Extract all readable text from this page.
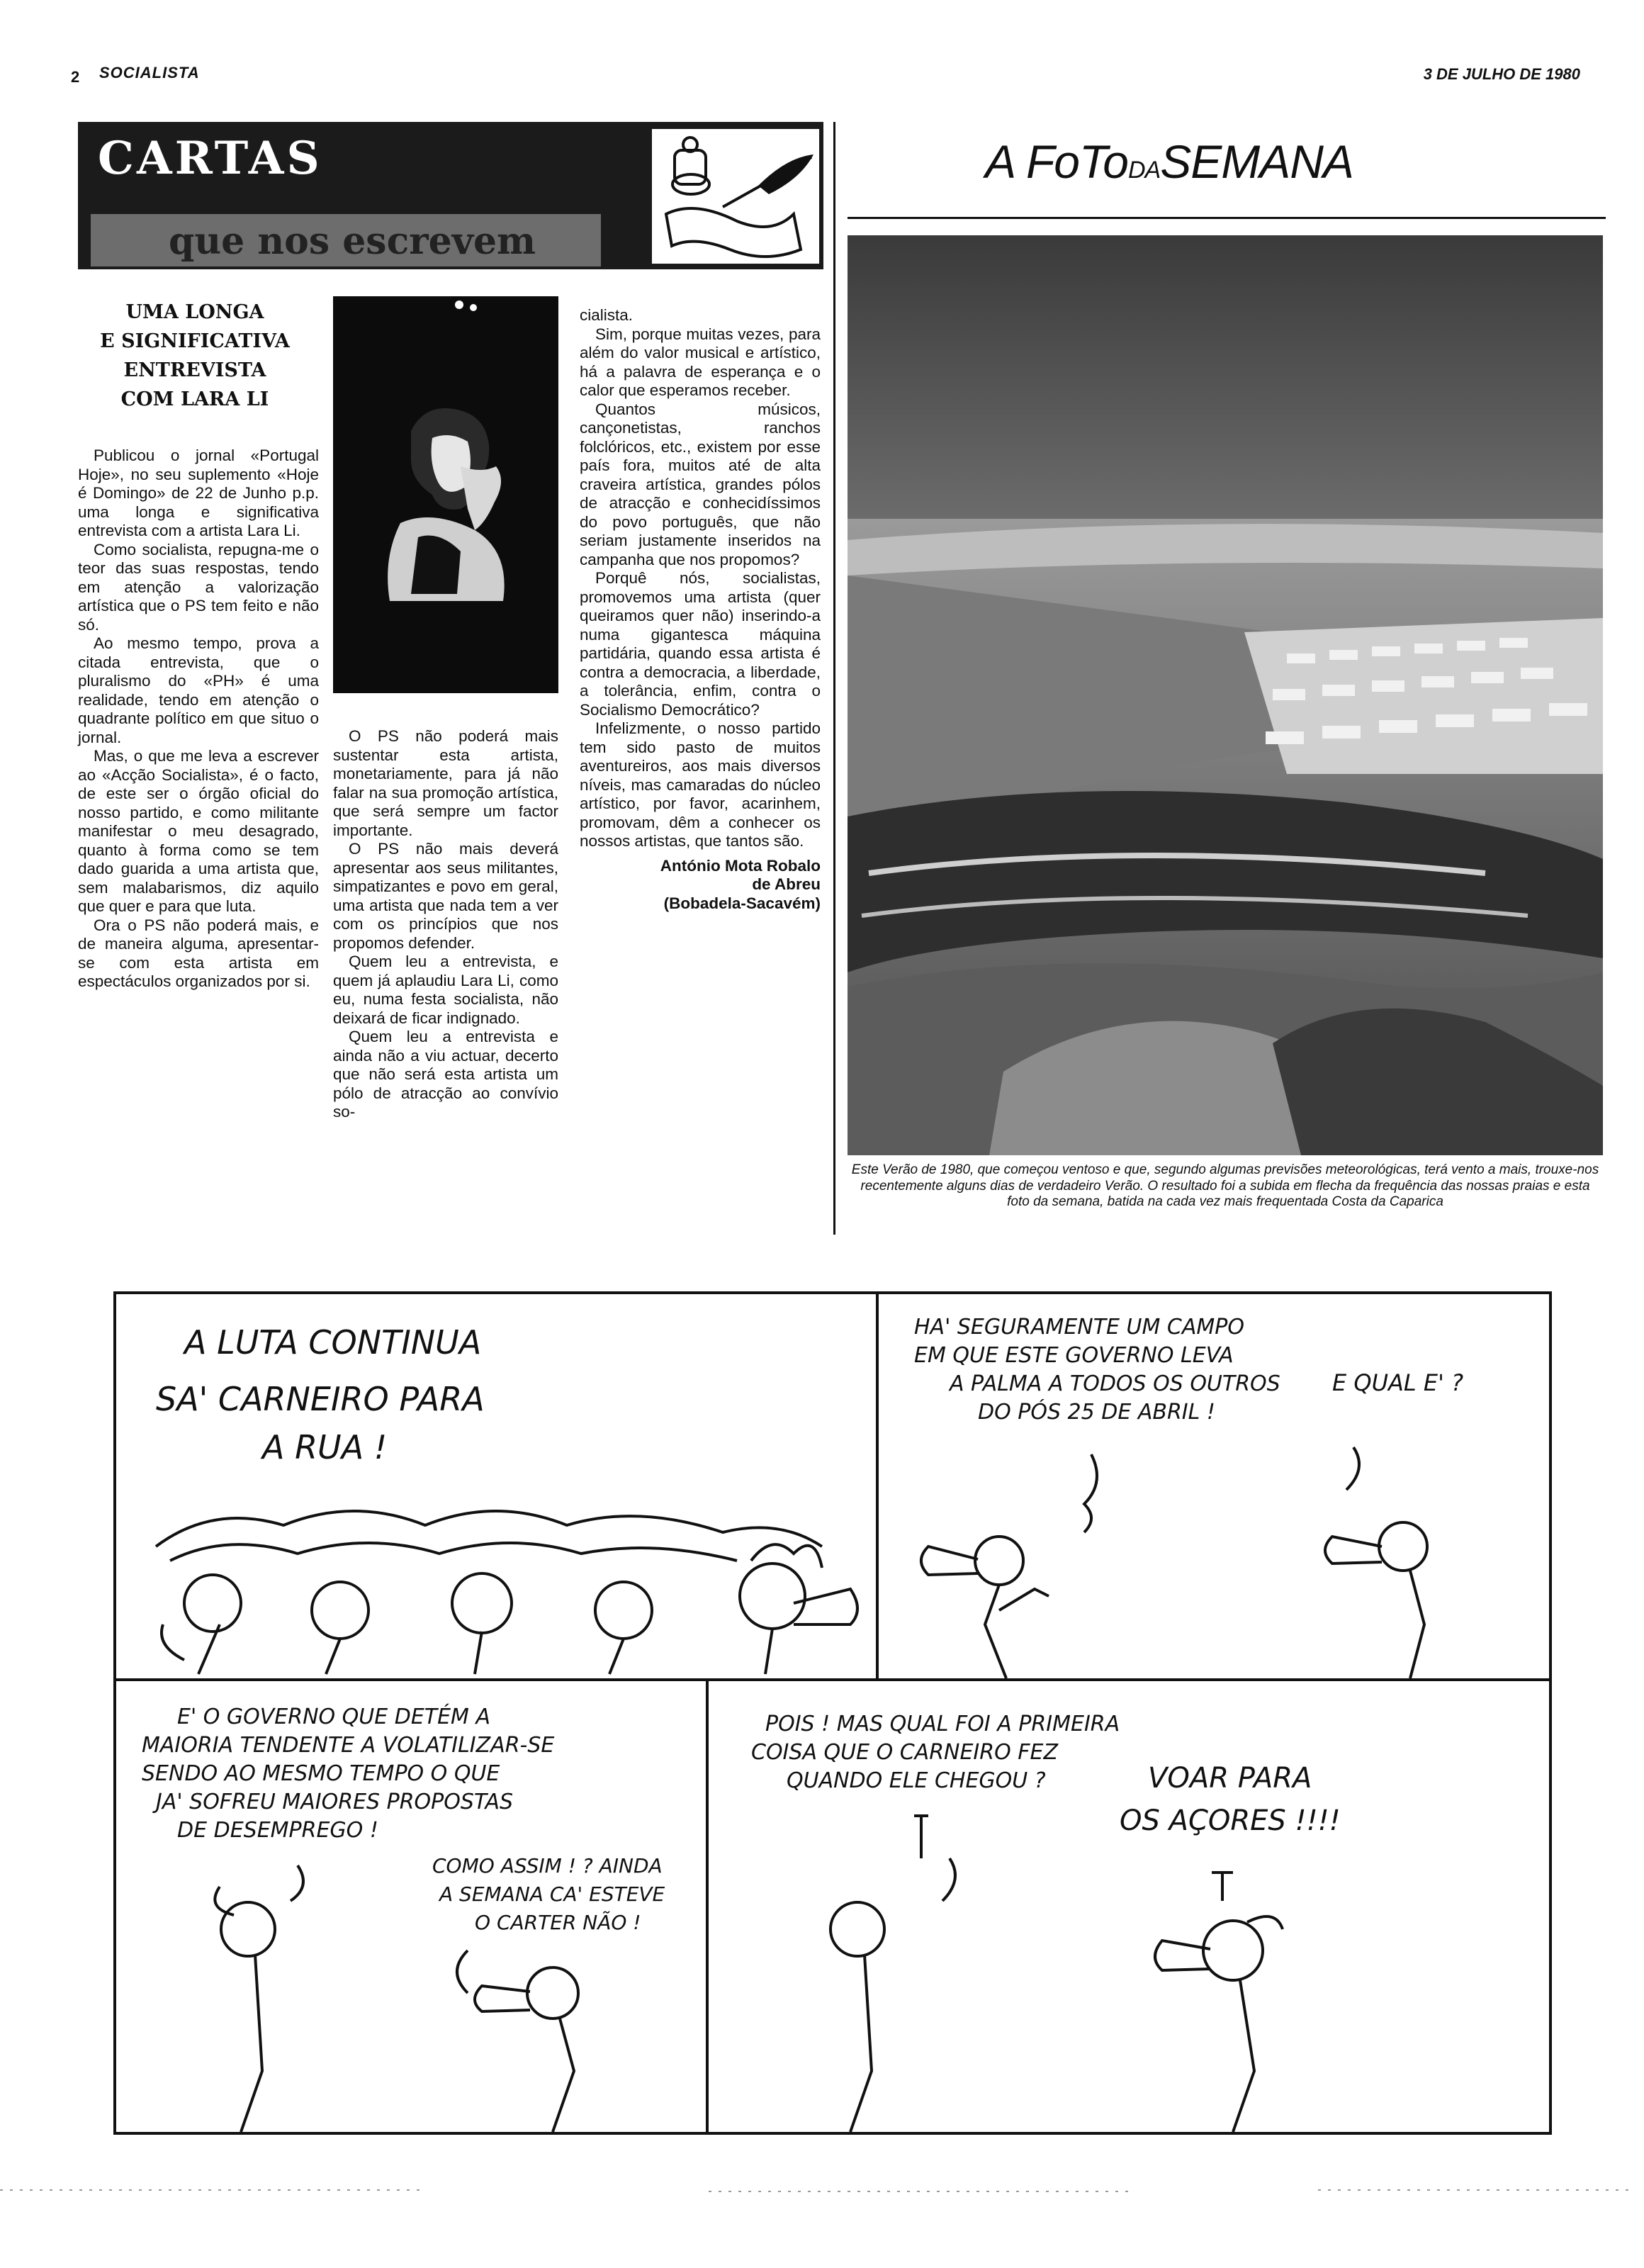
2 SOCIALISTA	3 DE JULHO DE 1980
CARTAS
que nos escrevem
UMA LONGA
E SIGNIFICATIVA
ENTREVISTA
COM LARA LI

Publicou o jornal «Portugal Hoje», no seu suplemento «Hoje é Domingo» de 22 de Junho p.p. uma longa e significativa entrevista com a artista Lara Li.

Como socialista, repugna-me o teor das suas respostas, tendo em atenção a valorização artística que o PS tem feito e não só.

Ao mesmo tempo, prova a citada entrevista, que o pluralismo do «PH» é uma realidade, tendo em atenção o quadrante político em que situo o jornal.

Mas, o que me leva a escrever ao «Acção Socialista», é o facto, de este ser o órgão oficial do nosso partido, e como militante manifestar o meu desagrado, quanto à forma como se tem dado guarida a uma artista que, sem malabarismos, diz aquilo que quer e para que luta.

Ora o PS não poderá mais, e de maneira alguma, apresentar-se com esta artista em espectáculos organizados por si.

O PS não poderá mais sustentar esta artista, monetariamente, para já não falar na sua promoção artística, que será sempre um factor importante.

O PS não mais deverá apresentar aos seus militantes, simpatizantes e povo em geral, uma artista que nada tem a ver com os princípios que nos propomos defender.

Quem leu a entrevista, e quem já aplaudiu Lara Li, como eu, numa festa socialista, não deixará de ficar indignado.

Quem leu a entrevista e ainda não a viu actuar, decerto que não será esta artista um pólo de atracção ao convívio so-

cialista.

Sim, porque muitas vezes, para além do valor musical e artístico, há a palavra de esperança e o calor que esperamos receber.

Quantos músicos, cançonetistas, ranchos folclóricos, etc., existem por esse país fora, muitos até de alta craveira artística, grandes pólos de atracção e conhecidíssimos do povo português, que não seriam justamente inseridos na campanha que nos propomos?

Porquê nós, socialistas, promovemos uma artista (quer queiramos quer não) inserindo-a numa gigantesca máquina partidária, quando essa artista é contra a democracia, a liberdade, a tolerância, enfim, contra o Socialismo Democrático?

Infelizmente, o nosso partido tem sido pasto de muitos aventureiros, aos mais diversos níveis, mas camaradas do núcleo artístico, por favor, acarinhem, promovam, dêm a conhecer os nossos artistas, que tantos são.

António Mota Robalo
de Abreu
(Bobadela-Sacavém)
A FoToDASEMANA
Este Verão de 1980, que começou ventoso e que, segundo algumas previsões meteorológicas, terá vento a mais, trouxe-nos recentemente alguns dias de verdadeiro Verão. O resultado foi a subida em flecha da frequência das nossas praias e esta foto da semana, batida na cada vez mais frequentada Costa da Caparica
A LUTA CONTINUA
SA' CARNEIRO PARA
A RUA !
HA' SEGURAMENTE UM CAMPO
EM QUE ESTE GOVERNO LEVA
A PALMA A TODOS OS OUTROS
DO PÓS 25 DE ABRIL !
E QUAL E' ?
E' O GOVERNO QUE DETÉM A
MAIORIA TENDENTE A VOLATILIZAR-SE
SENDO AO MESMO TEMPO O QUE
JA' SOFREU MAIORES PROPOSTAS
DE DESEMPREGO !
COMO ASSIM ! ? AINDA
A SEMANA CA' ESTEVE
O CARTER NÃO !
POIS ! MAS QUAL FOI A PRIMEIRA
COISA QUE O CARNEIRO FEZ
QUANDO ELE CHEGOU ?	VOAR PARA
OS AÇORES !!!!
